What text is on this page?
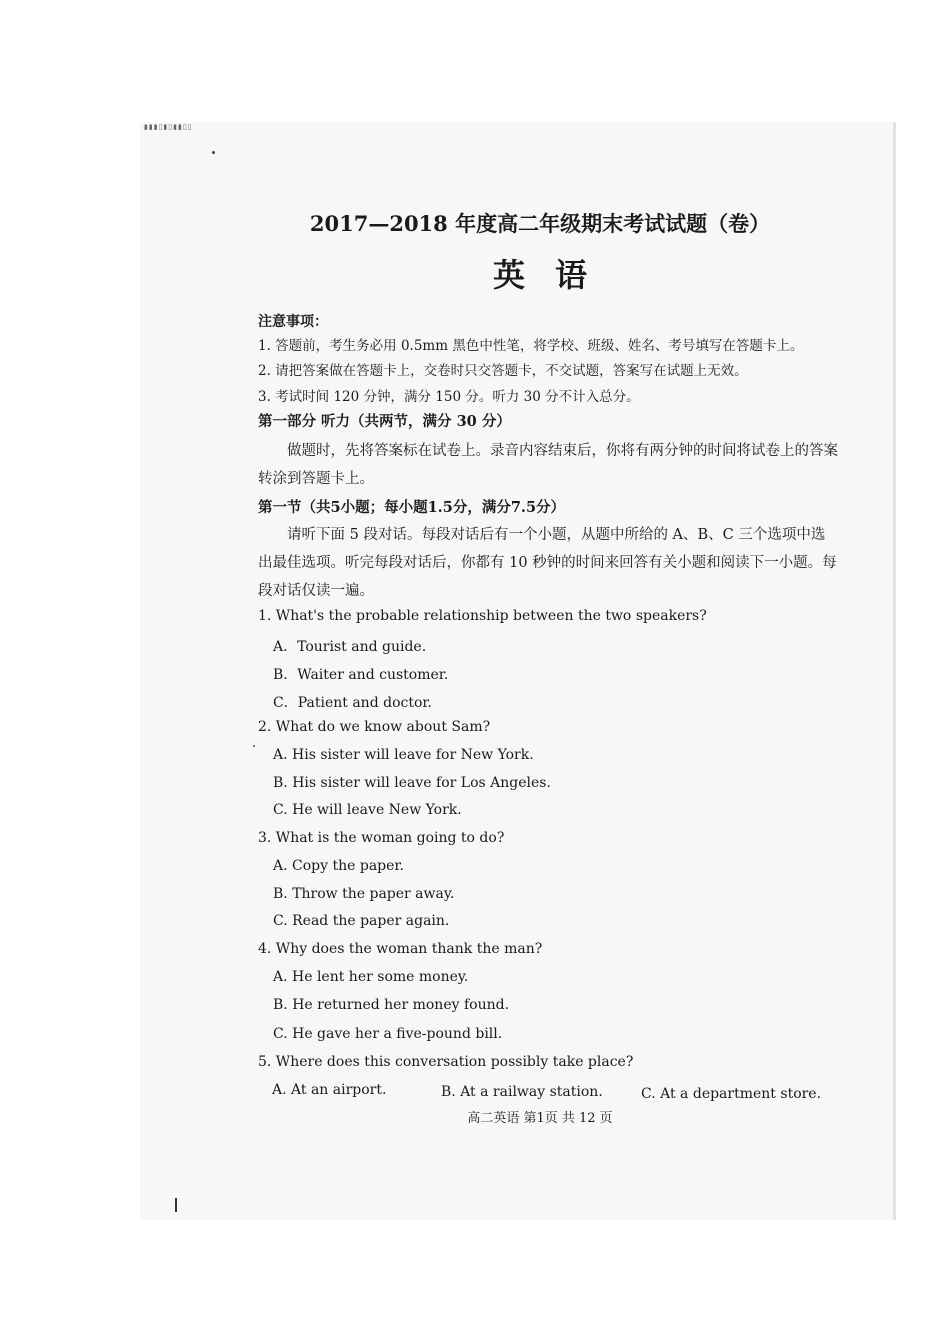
▮▮▮▯▮▯▮▮▯▯
2017—2018 年度高二年级期末考试试题（卷）
英语
注意事项：
1. 答题前，考生务必用 0.5mm 黑色中性笔，将学校、班级、姓名、考号填写在答题卡上。
2. 请把答案做在答题卡上，交卷时只交答题卡，不交试题，答案写在试题上无效。
3. 考试时间 120 分钟，满分 150 分。听力 30 分不计入总分。
第一部分 听力（共两节，满分 30 分）
做题时，先将答案标在试卷上。录音内容结束后，你将有两分钟的时间将试卷上的答案转涂到答题卡上。
第一节（共5小题；每小题1.5分，满分7.5分）
请听下面 5 段对话。每段对话后有一个小题，从题中所给的 A、B、C 三个选项中选出最佳选项。听完每段对话后，你都有 10 秒钟的时间来回答有关小题和阅读下一小题。每段对话仅读一遍。
1. What's the probable relationship between the two speakers?
A．Tourist and guide.
B．Waiter and customer.
C．Patient and doctor.
2. What do we know about Sam?
A. His sister will leave for New York.
B. His sister will leave for Los Angeles.
C. He will leave New York.
3. What is the woman going to do?
A. Copy the paper.
B. Throw the paper away.
C. Read the paper again.
4. Why does the woman thank the man?
A. He lent her some money.
B. He returned her money found.
C. He gave her a five-pound bill.
5. Where does this conversation possibly take place?
A. At an airport.	B. At a railway station.	C. At a department store.
高二英语 第1页 共 12 页
